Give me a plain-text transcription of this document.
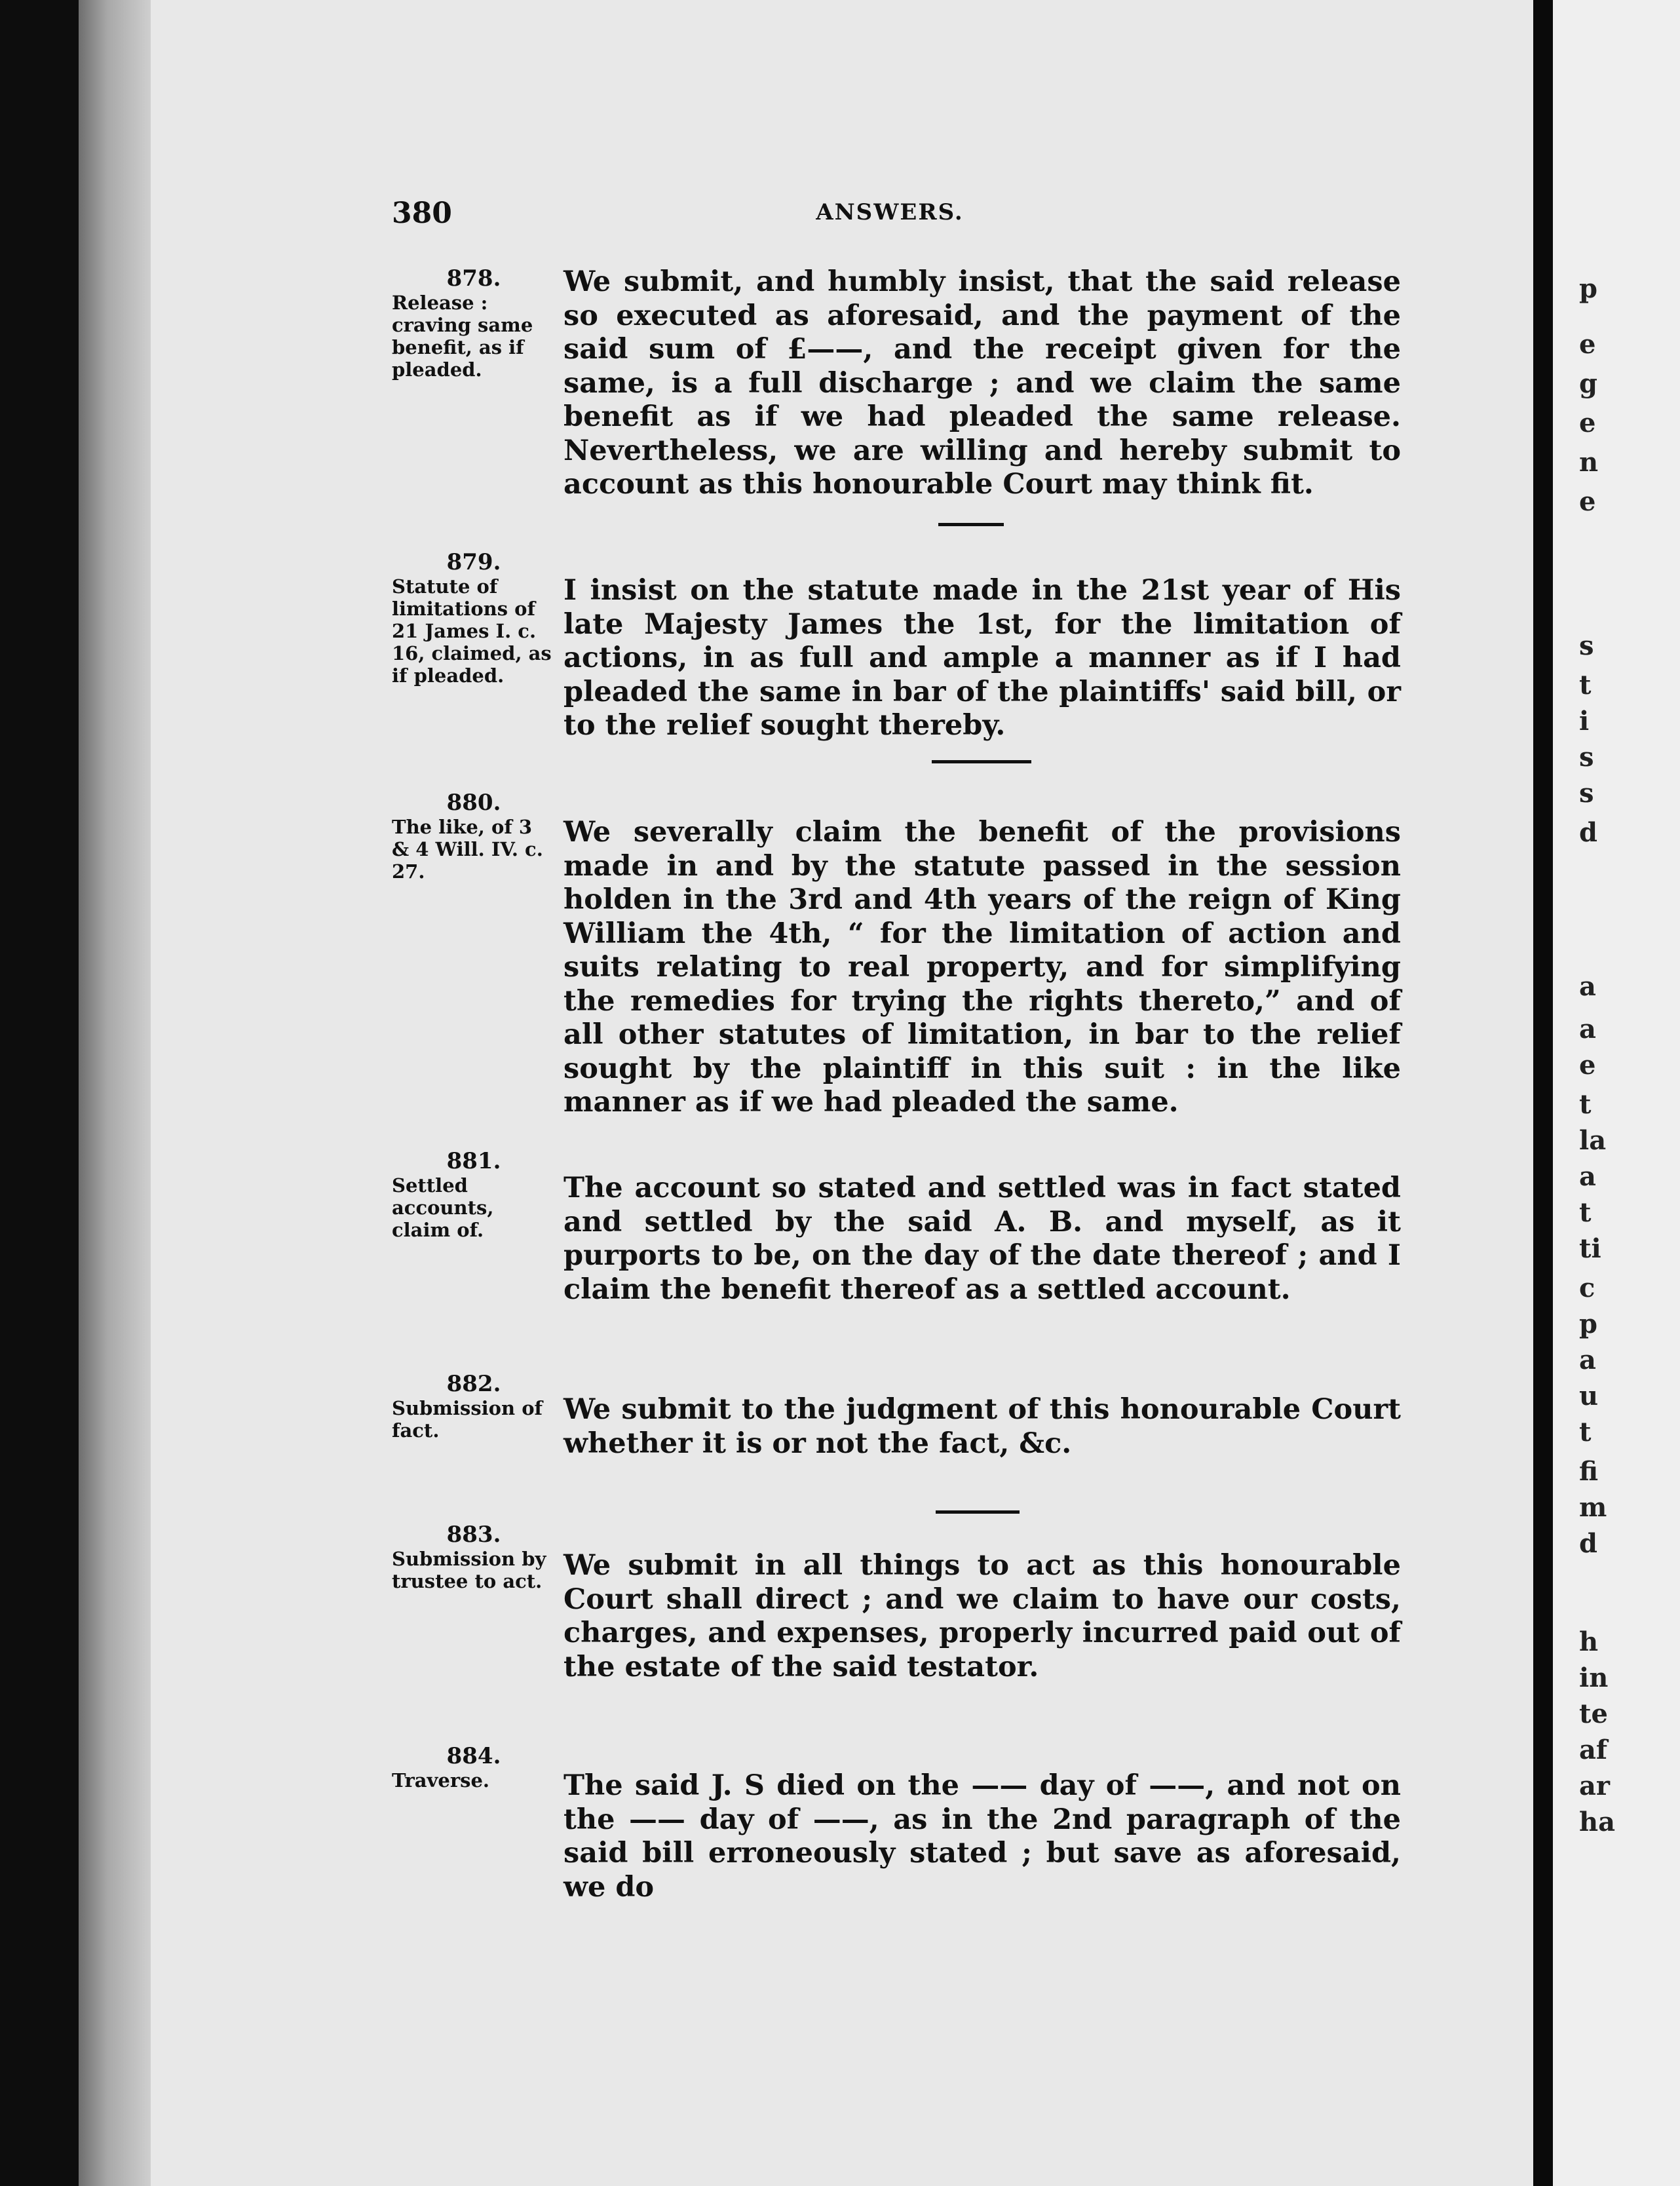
p
e
g
e
n
e
s
t
i
s
s
d
a
a
e
t
la
a
t
ti
c
p
a
u
t
fi
m
d
h
in
te
af
ar
ha
380	ANSWERS.
878.
Release : craving same benefit, as if pleaded.
We submit, and humbly insist, that the said release so executed as aforesaid, and the payment of the said sum of £——, and the receipt given for the same, is a full discharge ; and we claim the same benefit as if we had pleaded the same release. Nevertheless, we are willing and hereby submit to account as this honourable Court may think fit.
879.
Statute of limitations of 21 James I. c. 16, claimed, as if pleaded.
I insist on the statute made in the 21st year of His late Majesty James the 1st, for the limitation of actions, in as full and ample a manner as if I had pleaded the same in bar of the plaintiffs' said bill, or to the relief sought thereby.
880.
The like, of 3 & 4 Will. IV. c. 27.
We severally claim the benefit of the provisions made in and by the statute passed in the session holden in the 3rd and 4th years of the reign of King William the 4th, “ for the limitation of action and suits relating to real property, and for simplifying the remedies for trying the rights thereto,” and of all other statutes of limitation, in bar to the relief sought by the plaintiff in this suit : in the like manner as if we had pleaded the same.
881.
Settled accounts, claim of.
The account so stated and settled was in fact stated and settled by the said A. B. and myself, as it purports to be, on the day of the date thereof ; and I claim the benefit thereof as a settled account.
882.
Submission of fact.
We submit to the judgment of this honourable Court whether it is or not the fact, &c.
883.
Submission by trustee to act. We submit in all things to act as this honourable Court shall direct ; and we claim to have our costs, charges, and expenses, properly incurred paid out of the estate of the said testator.
884.
Traverse.	The said J. S died on the —— day of ——, and not on the —— day of ——, as in the 2nd paragraph of the said bill erroneously stated ; but save as aforesaid, we do
